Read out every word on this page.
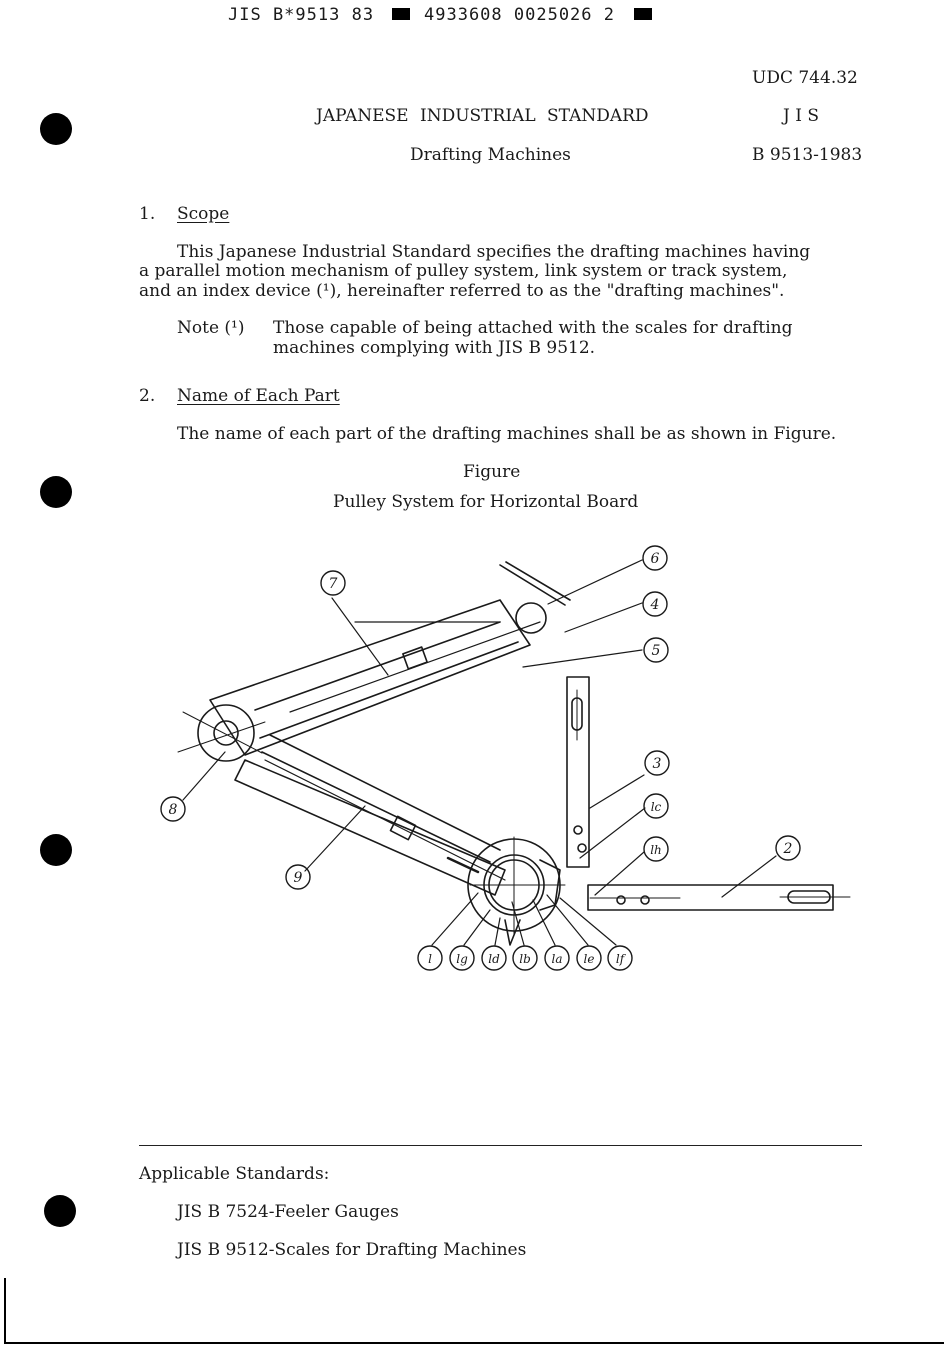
JIS B*9513 83	4933608 0025026 2
UDC 744.32
JAPANESE INDUSTRIAL STANDARD	J I S
Drafting Machines	B 9513-1983
1. Scope
This Japanese Industrial Standard specifies the drafting machines having
a parallel motion mechanism of pulley system, link system or track system,
and an index device (¹), hereinafter referred to as the "drafting machines".
Note (¹) Those capable of being attached with the scales for drafting
machines complying with JIS B 9512.
2. Name of Each Part
The name of each part of the drafting machines shall be as shown in Figure.
Figure
Pulley System for Horizontal Board
6
7
4
5
3
lc
lh	2
8
9
l lg ld lb la le lf
Applicable Standards:
JIS B 7524-Feeler Gauges
JIS B 9512-Scales for Drafting Machines
